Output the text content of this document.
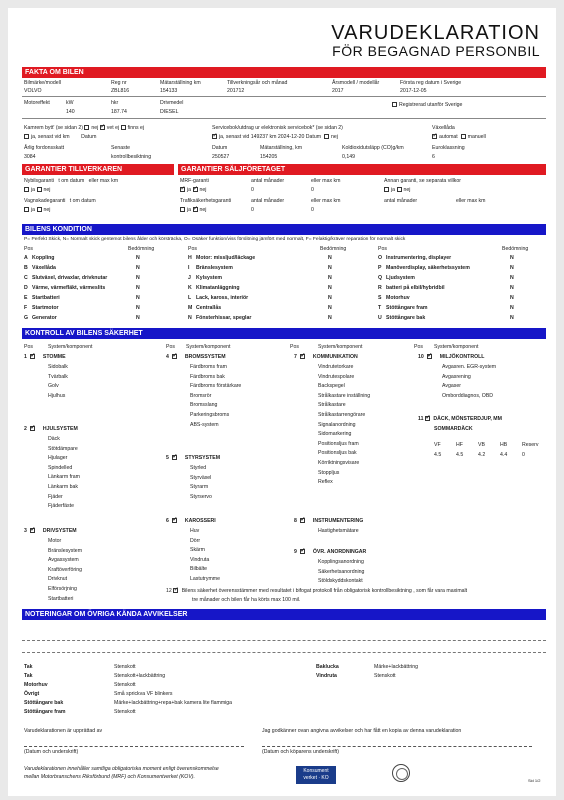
VARUDEKLARATION
FÖR BEGAGNAD PERSONBIL
FAKTA OM BILEN
Bilmärke/modell
VOLVO
Reg nr
ZBL816
Mätarställning km
154133
Tillverkningsår och månad
201712
Årsmodell / modellår
2017
Första reg datum i Sverige
2017-12-05
Motoreffekt	kW
140
hkr
187.74
Drivmedel
DIESEL
Registrerad utanför Sverige
Kamrem bytt' (se sidan 2) nej ✓ vet ej finns ej
ja, senast vid km Datum
Servicebok/utdrag ur elektronisk servicebok* (se sidan 2)
✓ja, senast vid 149237 km 2024-12-20 Datum nej
Växellåda
✓automat manuell
Årlig fordonsskatt
3084
Senaste
kontrollbesiktning
Datum
250527
Mätarställning, km
154205
Koldioxidutsläpp (CO)g/km
0,149
Euroklassning
6
GARANTIER TILLVERKAREN	GARANTIER SÄLJFÖRETAGET
Nybilsgaranti t om datum eller max km
ja nej
Vagnskadegaranti t om datum
ja nej
MRF-garanti	antal månader	eller max km
✓ja ✓ nej	0	0
Trafiksäkerhetsgaranti	antal månader	eller max km
ja ✓ nej	0	0
Annan garanti, se separata villkor
ja nej
antal månader	eller max km
BILENS KONDITION
P= Perfekt Skick, N= Normalt skick gentemot bilens ålder och körsträcka, O= Osäker funktion/viss förslitning jämfört med normalt, F= Felaktig/kräver reparation för normalt skick
Pos	Bedömning	Pos	Bedömning	Pos	Bedömning
A Koppling	N
B Växellåda	N
C Slutväxel, drivaxlar, drivknutar	N
D Värme, värmefläkt, värmeslits	N
E Startbatteri	N
F Startmotor	N
G Generator	N
H Motor: missljud/läckage	N
I Bränslesystem	N
J Kylsystem	N
K Klimatanläggning	N
L Lack, kaross, interiör	N
M Centrallås	N
N Fönsterhissar, speglar	N
O Instrumentering, displayer	N
P Manöverdisplay, säkerhetssystem	N
Q Ljudsystem	N
R batteri på elbil/hybridbil	N
S Motorhuv	N
T Stöttångare fram	N
U Stöttångare bak	N
KONTROLL AV BILENS SÄKERHET
Pos	System/komponent	Pos System/komponent	Pos	System/komponent	Pos System/komponent
1 ✓	STOMME
Sidobalk
Tvärbalk
Golv
Hjulhus
2 ✓	HJULSYSTEM
Däck
Stötdämpare
Hjulager
Spindelled
Länkarm fram
Länkarm bak
Fjäder
Fjäderfäste
3 ✓	DRIVSYSTEM
Motor
Bränslesystem
Avgassystem
Kraftöverföring
Drivknut
Elförsörjning
Startbatteri
4 ✓	BROMSSYSTEM
Färdbroms fram
Färdbroms bak
Färdbroms förstärkare
Bromsrör
Bromsslang
Parkeringsbroms
ABS-system
5 ✓	STYRSYSTEM
Styrled
Styrväxel
Styrarm
Styrservo
6 ✓	KAROSSERI
Huv
Dörr
Skärm
Vindruta
Bilbälte
Lastutrymme
7 ✓	KOMMUNIKATION
Vindrutetorkare
Vindrutespolare
Backspegel
Strålkastare inställning
Strålkastare
Strålkastarrengörare
Signalanordning
Sidomarkering
Positionsljus fram
Positionsljus bak
Körriktningsvisare
Stoppljus
Reflex
8 ✓	INSTRUMENTERING
Hastighetsmätare
9 ✓	ÖVR. ANORDNINGAR
Kopplingsanordning
Säkerhetsanordning
Stöldskyddskontakt
10 ✓	MILJÖKONTROLL
Avgasren. EGR-system
Avgasrening
Avgaser
Omborddiagnos, OBD
11 ✓ DÄCK, MÖNSTERDJUP, MM
SOMMARDÄCK
VF
4.5
HF
4.5
VB
4.2
HB
4.4
Reserv
0
12 ✓ Bilens säkerhet överensstämmer med resultatet i bifogat protokoll från obligatorisk kontrollbesiktning , som får vara maximalt
tre månader och bilen får ha körts max 100 mil.
NOTERINGAR OM ÖVRIGA KÄNDA AVVIKELSER
Tak	Stenskott
Tak	Stenskott+lackbättring
Motorhuv	Stenskott
Övrigt	Små sprickva VF blinkers
Stöttångare bak	Märke+lackbättring+repa+bak kamera lite flammiga
Stöttångare fram	Stenskott
Baklucka	Märke+lackbättring
Vindruta	Stenskott
Varudeklarationen är upprättad av	Jag godkänner ovan angivna avvikelser och har fått en kopia av denna varudeklaration
(Datum och underskrift)	(Datum och köparens underskrift)
Varudeklarationen innehåller samtliga obligatoriska moment enligt överenskommelse
mellan Motorbranschens Riksförbund (MRF) och Konsumentverket (KOV).
Konsument
verket · KO	Sid 1/2
